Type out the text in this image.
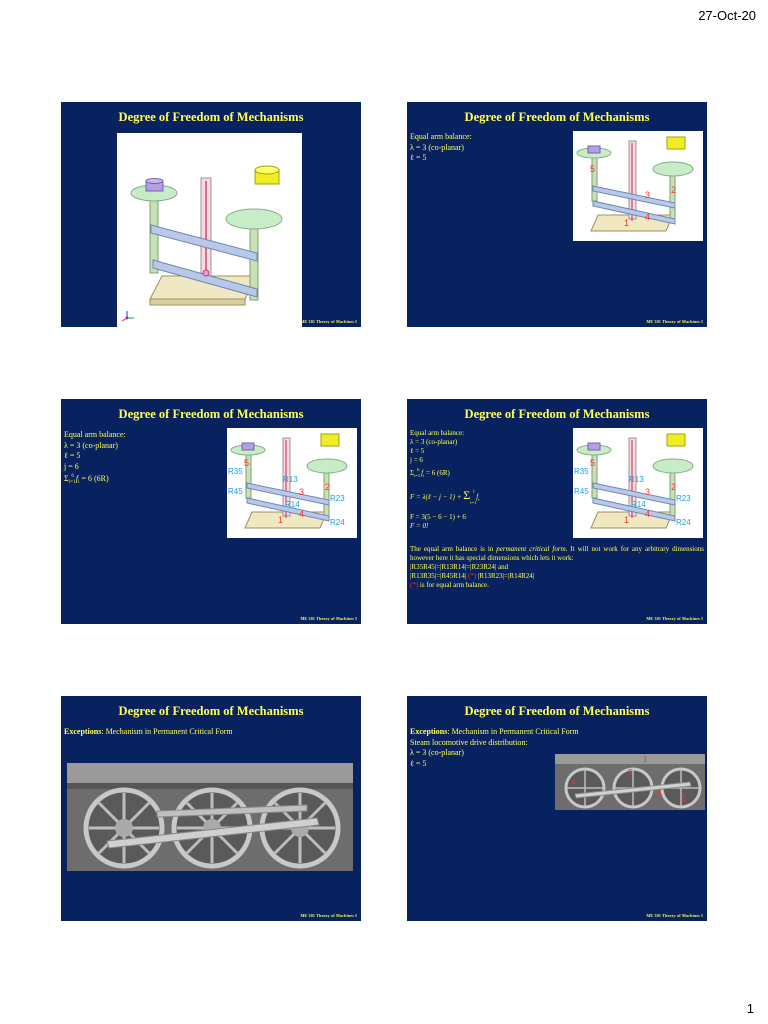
27-Oct-20
Degree of Freedom of Mechanisms
ME 301 Theory of Machines I
Degree of Freedom of Mechanisms
Equal arm balance:
λ = 3 (co-planar)
ℓ = 5
5
3 2
4
1
ME 301 Theory of Machines I
Degree of Freedom of Mechanisms
Equal arm balance:
λ = 3 (co-planar)
ℓ = 5
j = 6
$\Sigma_{i=1}^6$ $f_i = 6$ (6R)
5
3 2
4
1
R35
R13
R45
R23
R14
R24
ME 301 Theory of Machines I
Degree of Freedom of Mechanisms
Equal arm balance:
λ = 3 (co-planar)
ℓ = 5
j = 6
$\Sigma_{i=1}^6$ $f_i = 6$ (6R)
F = λ(ℓ − $j - 1) + \Sigma_{i=1}^j$ $f_i$
F = 3(5 − 6 − 1) + 6
F = 0!
The equal arm balance is in permanent critical form. It will not work for any arbitrary dimensions however here it has special dimensions which lets it work:
|R35R45|=|R13R14|=|R23R24| and
|R13R35|=|R45R14| (*) |R13R23|=|R14R24|
(*) is for equal arm balance.
5
3 2
4
1
R35
R13
R45
R23
R14
R24
ME 301 Theory of Machines I
Degree of Freedom of Mechanisms
Exceptions: Mechanism in Permanent Critical Form
ME 301 Theory of Machines I
Degree of Freedom of Mechanisms
Exceptions: Mechanism in Permanent Critical Form
Steam locomotive drive distribution:
λ = 3 (co-planar)
ℓ = 5	1
2
3
4
5
ME 301 Theory of Machines I
1
